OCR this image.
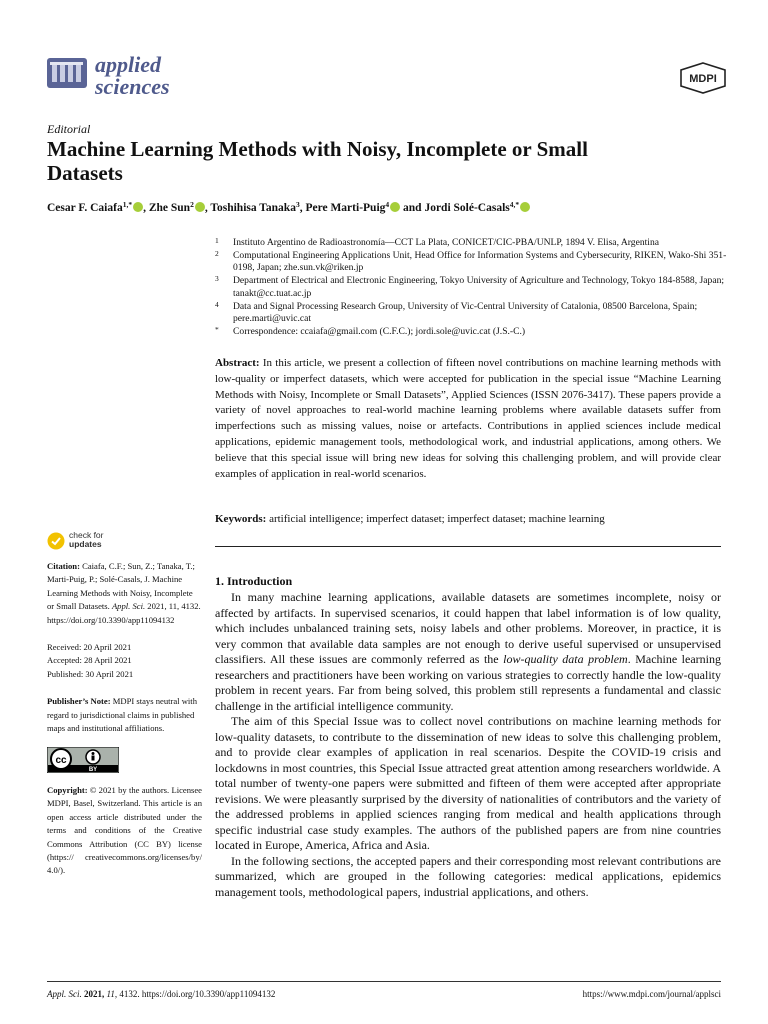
applied
sciences	MDPI
Editorial
Machine Learning Methods with Noisy, Incomplete or Small Datasets
Cesar F. Caiafa$^{1,*}$ , Zhe Sun$^2$ , Toshihisa Tanaka$^3$, Pere Marti-Puig$^4$ and Jordi Solé-Casals$^{4,*}$
1 Instituto Argentino de Radioastronomía—CCT La Plata, CONICET/CIC-PBA/UNLP, 1894 V. Elisa, Argentina
2 Computational Engineering Applications Unit, Head Office for Information Systems and Cybersecurity, RIKEN, Wako-Shi 351-0198, Japan; zhe.sun.vk@riken.jp
3 Department of Electrical and Electronic Engineering, Tokyo University of Agriculture and Technology, Tokyo 184-8588, Japan; tanakt@cc.tuat.ac.jp
4 Data and Signal Processing Research Group, University of Vic-Central University of Catalonia, 08500 Barcelona, Spain; pere.marti@uvic.cat
* Correspondence: ccaiafa@gmail.com (C.F.C.); jordi.sole@uvic.cat (J.S.-C.)
Abstract: In this article, we present a collection of fifteen novel contributions on machine learning methods with low-quality or imperfect datasets, which were accepted for publication in the special issue “Machine Learning Methods with Noisy, Incomplete or Small Datasets”, Applied Sciences (ISSN 2076-3417). These papers provide a variety of novel approaches to real-world machine learning problems where available datasets suffer from imperfections such as missing values, noise or artefacts. Contributions in applied sciences include medical applications, epidemic management tools, methodological work, and industrial applications, among others. We believe that this special issue will bring new ideas for solving this challenging problem, and will provide clear examples of application in real-world scenarios.
Keywords: artificial intelligence; imperfect dataset; imperfect dataset; machine learning
check for
updates
Citation: Caiafa, C.F.; Sun, Z.; Tanaka, T.; Marti-Puig, P.; Solé-Casals, J. Machine Learning Methods with Noisy, Incomplete or Small Datasets. Appl. Sci. 2021, 11, 4132. https://doi.org/10.3390/app11094132
Received: 20 April 2021
Accepted: 28 April 2021
Published: 30 April 2021
Publisher’s Note: MDPI stays neutral with regard to jurisdictional claims in published maps and institutional affiliations.
cc
BY
Copyright: © 2021 by the authors. Licensee MDPI, Basel, Switzerland. This article is an open access article distributed under the terms and conditions of the Creative Commons Attribution (CC BY) license (https:// creativecommons.org/licenses/by/ 4.0/).
1. Introduction

In many machine learning applications, available datasets are sometimes incomplete, noisy or affected by artifacts. In supervised scenarios, it could happen that label information is of low quality, which includes unbalanced training sets, noisy labels and other problems. Moreover, in practice, it is very common that available data samples are not enough to derive useful supervised or unsupervised classifiers. All these issues are commonly referred as the low-quality data problem. Machine learning researchers and practitioners have been working on various strategies to correctly handle the low-quality problem in recent years. Far from being solved, this problem still represents a fundamental and classic challenge in the artificial intelligence community.

The aim of this Special Issue was to collect novel contributions on machine learning methods for low-quality datasets, to contribute to the dissemination of new ideas to solve this challenging problem, and to provide clear examples of application in real scenarios. Despite the COVID-19 crisis and lockdowns in most countries, this Special Issue attracted great attention among researchers worldwide. A total number of twenty-one papers were submitted and fifteen of them were accepted after appropriate revisions. We were pleasantly surprised by the diversity of nationalities of contributors and the variety of the addressed problems in applied sciences ranging from medical and health applications through specific industrial case study examples. The authors of the published papers are from nine countries located in Europe, America, Africa and Asia.

In the following sections, the accepted papers and their corresponding most relevant contributions are summarized, which are grouped in the following categories: medical applications, epidemics management tools, methodological papers, industrial applications, and others.

Appl. Sci. 2021, 11, 4132. https://doi.org/10.3390/app11094132	https://www.mdpi.com/journal/applsci
